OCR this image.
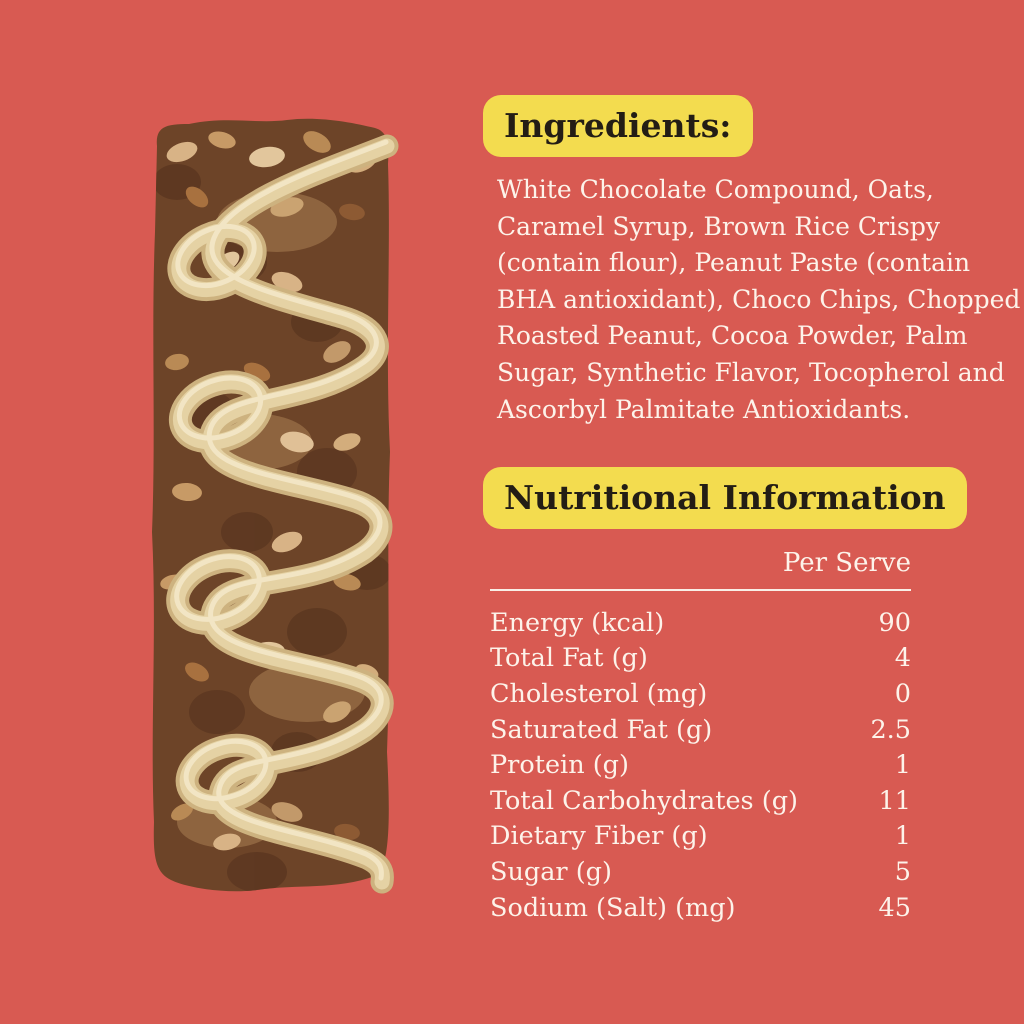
Ingredients:
White Chocolate Compound, Oats,
Caramel Syrup, Brown Rice Crispy
(contain flour), Peanut Paste (contain
BHA antioxidant), Choco Chips, Chopped
Roasted Peanut, Cocoa Powder, Palm
Sugar, Synthetic Flavor, Tocopherol and
Ascorbyl Palmitate Antioxidants.
Nutritional Information
Per Serve
Energy (kcal)	90
Total Fat (g)	4
Cholesterol (mg)	0
Saturated Fat (g)	2.5
Protein (g)	1
Total Carbohydrates (g)	11
Dietary Fiber (g)	1
Sugar (g)	5
Sodium (Salt) (mg)	45
